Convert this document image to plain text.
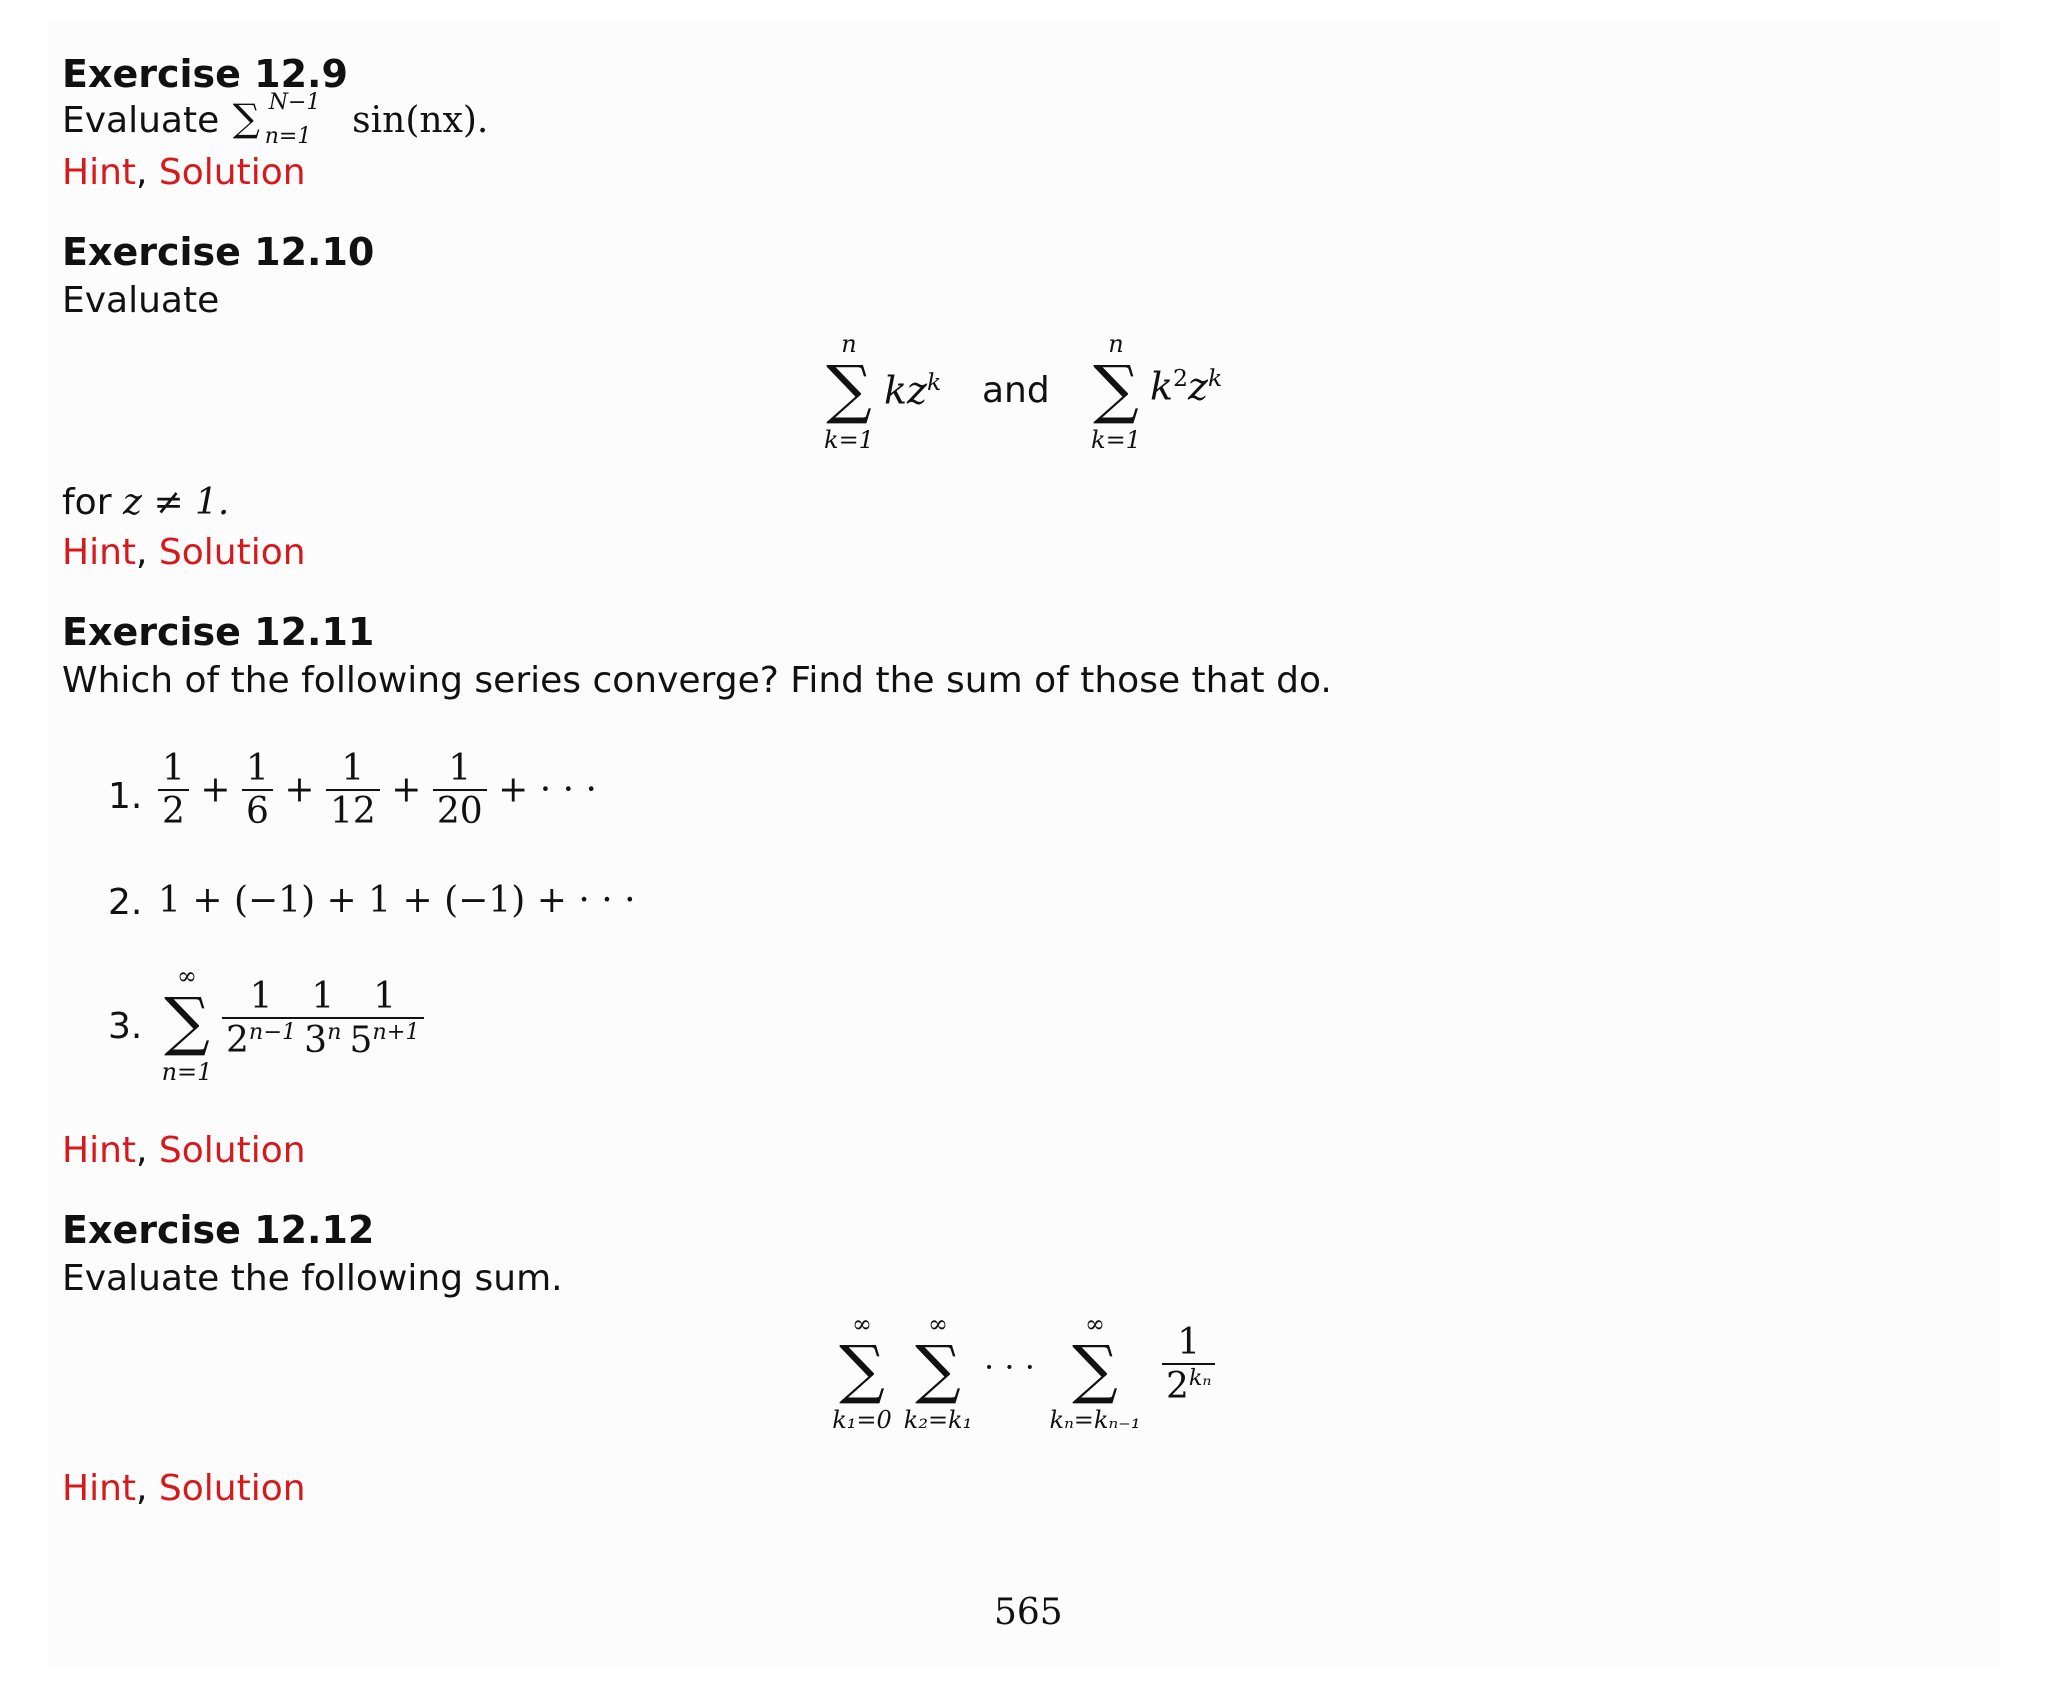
Exercise 12.9
Evaluate ∑ N−1
n=1 sin(nx).
Hint, Solution
Exercise 12.10
Evaluate
n
∑
k=1
$kz^k$ and
n
∑
k=1
$k^2z^k$
for z ≠ 1.
Hint, Solution
Exercise 12.11
Which of the following series converge? Find the sum of those that do.
1. $\frac{1}{2} + \frac{1}{6} + \frac{1}{12} + \frac{1}{20}$ + · · ·
2. 1 + (−1) + 1 + (−1) + · · ·
3.
∞
∑
n=1
$\frac{1}{2^{n-1}} \frac{1}{3^n} \frac{1}{5^{n+1}}$
Hint, Solution
Exercise 12.12
Evaluate the following sum.
∞
∑
k₁=0
∞
∑
k₂=k₁
· · ·
∞
∑
kₙ=kₙ₋₁
$\frac{1}{2^{k_n}}$
Hint, Solution
565
